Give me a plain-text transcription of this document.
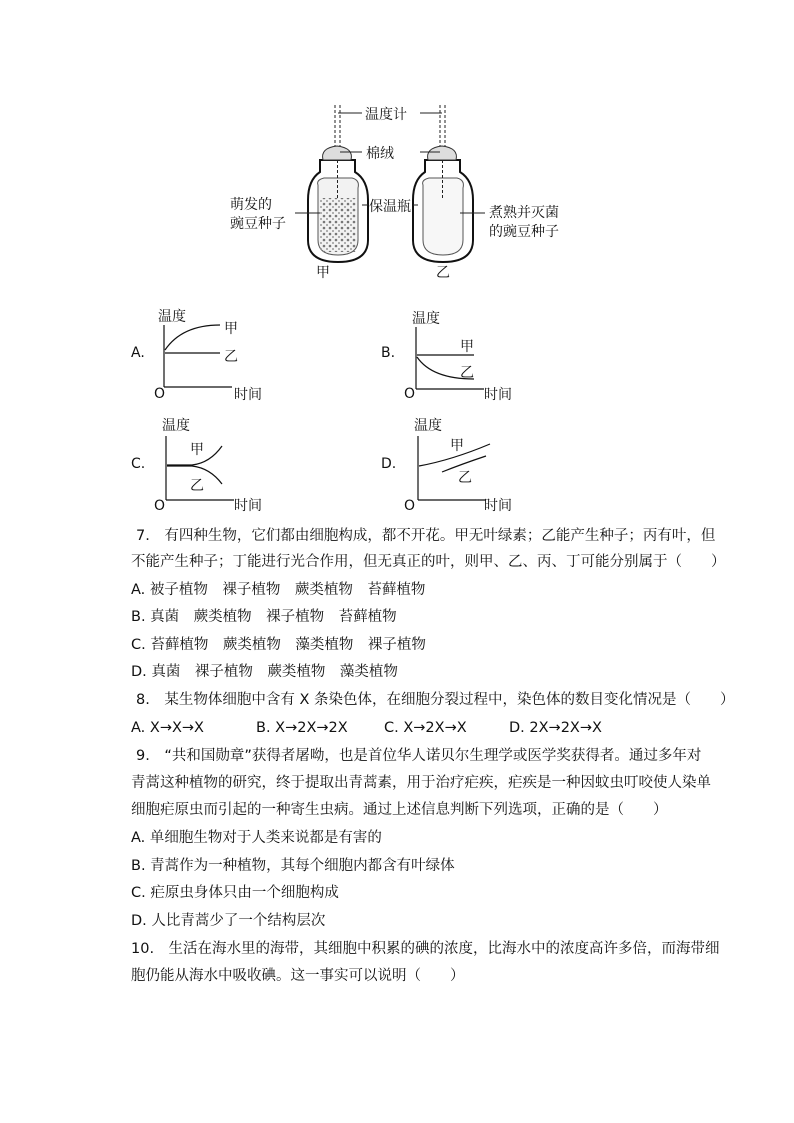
温度计
棉绒
保温瓶
萌发的
豌豆种子
煮熟并灭菌
的豌豆种子
甲	乙
A.	B.
C.	D.
温度
O	时间
甲
乙
温度
O	时间
甲
乙
温度
O	时间
甲
乙
温度
O	时间
甲
乙
7.　有四种生物，它们都由细胞构成，都不开花。甲无叶绿素；乙能产生种子；丙有叶，但
不能产生种子；丁能进行光合作用，但无真正的叶，则甲、乙、丙、丁可能分别属于（　　）
A. 被子植物　裸子植物　蕨类植物　苔藓植物
B. 真菌　蕨类植物　裸子植物　苔藓植物
C. 苔藓植物　蕨类植物　藻类植物　裸子植物
D. 真菌　裸子植物　蕨类植物　藻类植物
8.　某生物体细胞中含有 X 条染色体，在细胞分裂过程中，染色体的数目变化情况是（　　）
A. X→X→X	B. X→2X→2X	C. X→2X→X	D. 2X→2X→X
9.　“共和国勋章”获得者屠呦，也是首位华人诺贝尔生理学或医学奖获得者。通过多年对
青蒿这种植物的研究，终于提取出青蒿素，用于治疗疟疾，疟疾是一种因蚊虫叮咬使人染单
细胞疟原虫而引起的一种寄生虫病。通过上述信息判断下列选项，正确的是（　　）
A. 单细胞生物对于人类来说都是有害的
B. 青蒿作为一种植物，其每个细胞内都含有叶绿体
C. 疟原虫身体只由一个细胞构成
D. 人比青蒿少了一个结构层次
10.　生活在海水里的海带，其细胞中积累的碘的浓度，比海水中的浓度高许多倍，而海带细
胞仍能从海水中吸收碘。这一事实可以说明（　　）
